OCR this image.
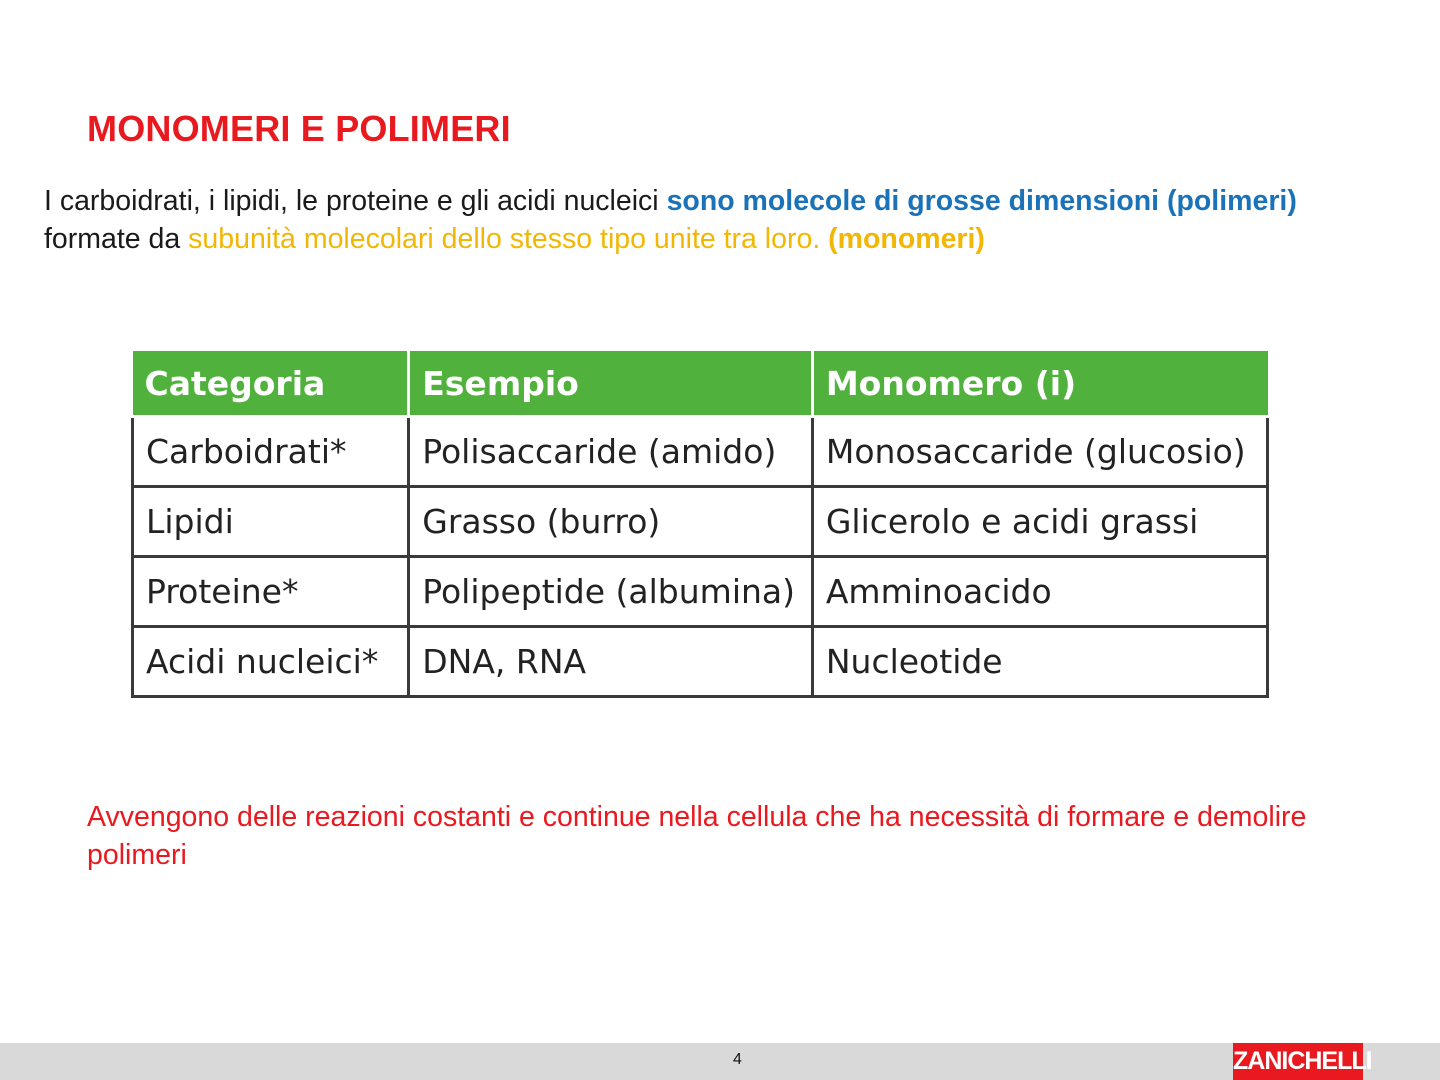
MONOMERI E POLIMERI
I carboidrati, i lipidi, le proteine e gli acidi nucleici sono molecole di grosse dimensioni (polimeri) formate da subunità molecolari dello stesso tipo unite tra loro. (monomeri)
Categoria	Esempio	Monomero (i)
Carboidrati*	Polisaccaride (amido)	Monosaccaride (glucosio)
Lipidi	Grasso (burro)	Glicerolo e acidi grassi
Proteine*	Polipeptide (albumina)	Amminoacido
Acidi nucleici*	DNA, RNA	Nucleotide
Avvengono delle reazioni costanti e continue nella cellula che ha necessità di formare e demolire polimeri
4	ZANICHELLI
